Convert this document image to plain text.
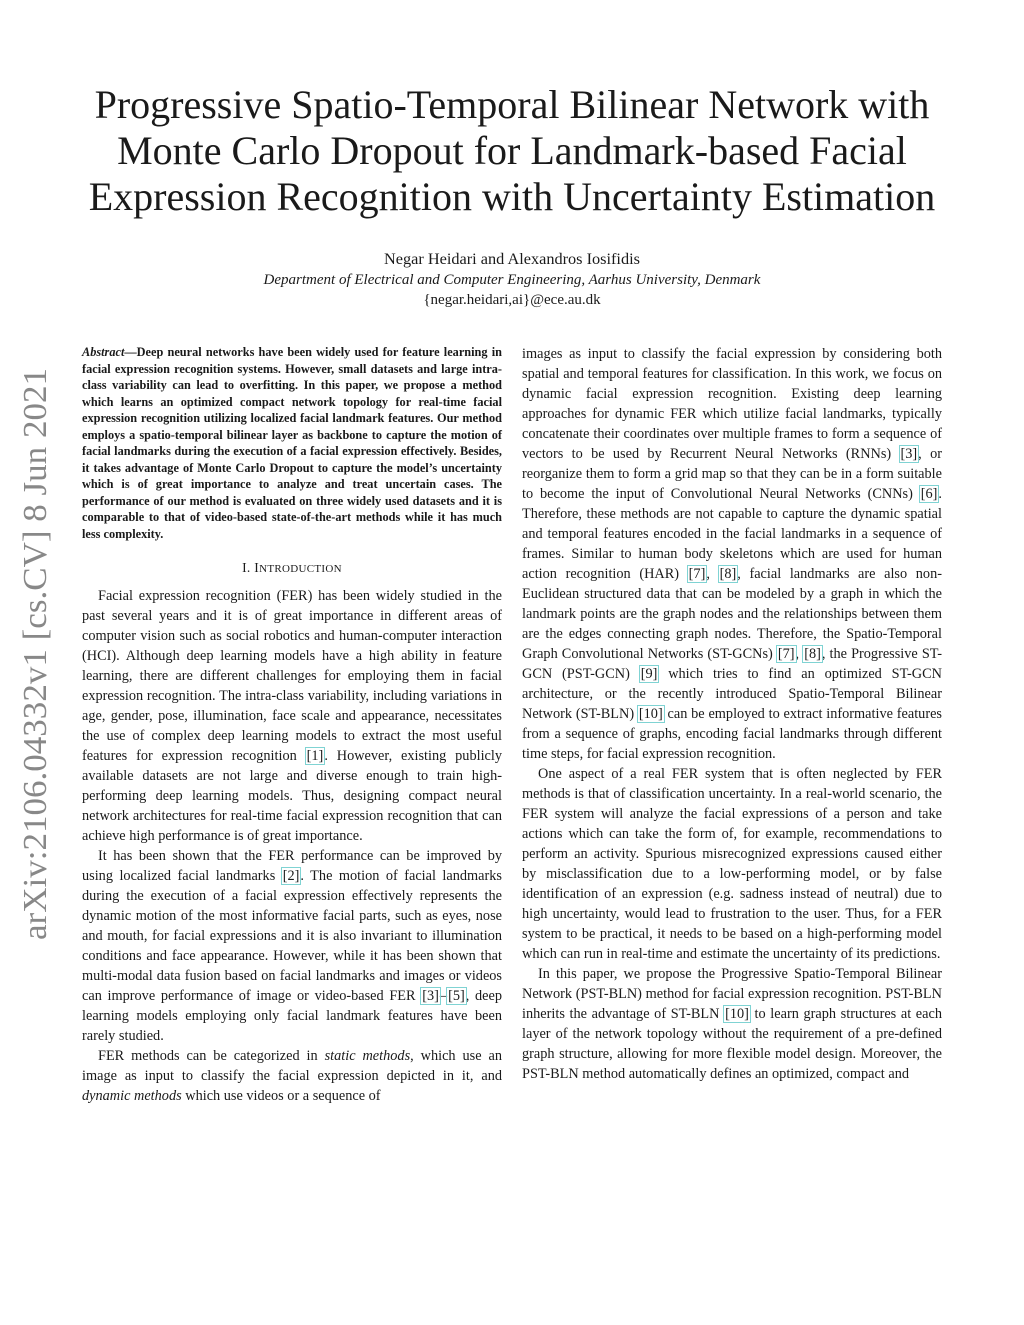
arXiv:2106.04332v1 [cs.CV] 8 Jun 2021
Progressive Spatio-Temporal Bilinear Network with
Monte Carlo Dropout for Landmark-based Facial
Expression Recognition with Uncertainty Estimation
Negar Heidari and Alexandros Iosifidis
Department of Electrical and Computer Engineering, Aarhus University, Denmark
{negar.heidari,ai}@ece.au.dk

Abstract—Deep neural networks have been widely used for feature learning in facial expression recognition systems. However, small datasets and large intra-class variability can lead to overfitting. In this paper, we propose a method which learns an optimized compact network topology for real-time facial expression recognition utilizing localized facial landmark features. Our method employs a spatio-temporal bilinear layer as backbone to capture the motion of facial landmarks during the execution of a facial expression effectively. Besides, it takes advantage of Monte Carlo Dropout to capture the model’s uncertainty which is of great importance to analyze and treat uncertain cases. The performance of our method is evaluated on three widely used datasets and it is comparable to that of video-based state-of-the-art methods while it has much less complexity.

I. INTRODUCTION

Facial expression recognition (FER) has been widely studied in the past several years and it is of great importance in different areas of computer vision such as social robotics and human-computer interaction (HCI). Although deep learning models have a high ability in feature learning, there are different challenges for employing them in facial expression recognition. The intra-class variability, including variations in age, gender, pose, illumination, face scale and appearance, necessitates the use of complex deep learning models to extract the most useful features for expression recognition [1]. However, existing publicly available datasets are not large and diverse enough to train high-performing deep learning models. Thus, designing compact neural network architectures for real-time facial expression recognition that can achieve high performance is of great importance.

It has been shown that the FER performance can be improved by using localized facial landmarks [2]. The motion of facial landmarks during the execution of a facial expression effectively represents the dynamic motion of the most informative facial parts, such as eyes, nose and mouth, for facial expressions and it is also invariant to illumination conditions and face appearance. However, while it has been shown that multi-modal data fusion based on facial landmarks and images or videos can improve performance of image or video-based FER [3]–[5], deep learning models employing only facial landmark features have been rarely studied.

FER methods can be categorized in static methods, which use an image as input to classify the facial expression depicted in it, and dynamic methods which use videos or a sequence of

images as input to classify the facial expression by considering both spatial and temporal features for classification. In this work, we focus on dynamic facial expression recognition. Existing deep learning approaches for dynamic FER which utilize facial landmarks, typically concatenate their coordinates over multiple frames to form a sequence of vectors to be used by Recurrent Neural Networks (RNNs) [3], or reorganize them to form a grid map so that they can be in a form suitable to become the input of Convolutional Neural Networks (CNNs) [6]. Therefore, these methods are not capable to capture the dynamic spatial and temporal features encoded in the facial landmarks in a sequence of frames. Similar to human body skeletons which are used for human action recognition (HAR) [7], [8], facial landmarks are also non-Euclidean structured data that can be modeled by a graph in which the landmark points are the graph nodes and the relationships between them are the edges connecting graph nodes. Therefore, the Spatio-Temporal Graph Convolutional Networks (ST-GCNs) [7], [8], the Progressive ST-GCN (PST-GCN) [9] which tries to find an optimized ST-GCN architecture, or the recently introduced Spatio-Temporal Bilinear Network (ST-BLN) [10] can be employed to extract informative features from a sequence of graphs, encoding facial landmarks through different time steps, for facial expression recognition.

One aspect of a real FER system that is often neglected by FER methods is that of classification uncertainty. In a real-world scenario, the FER system will analyze the facial expressions of a person and take actions which can take the form of, for example, recommendations to perform an activity. Spurious misrecognized expressions caused either by misclassification due to a low-performing model, or by false identification of an expression (e.g. sadness instead of neutral) due to high uncertainty, would lead to frustration to the user. Thus, for a FER system to be practical, it needs to be based on a high-performing model which can run in real-time and estimate the uncertainty of its predictions.

In this paper, we propose the Progressive Spatio-Temporal Bilinear Network (PST-BLN) method for facial expression recognition. PST-BLN inherits the advantage of ST-BLN [10] to learn graph structures at each layer of the network topology without the requirement of a pre-defined graph structure, allowing for more flexible model design. Moreover, the PST-BLN method automatically defines an optimized, compact and
